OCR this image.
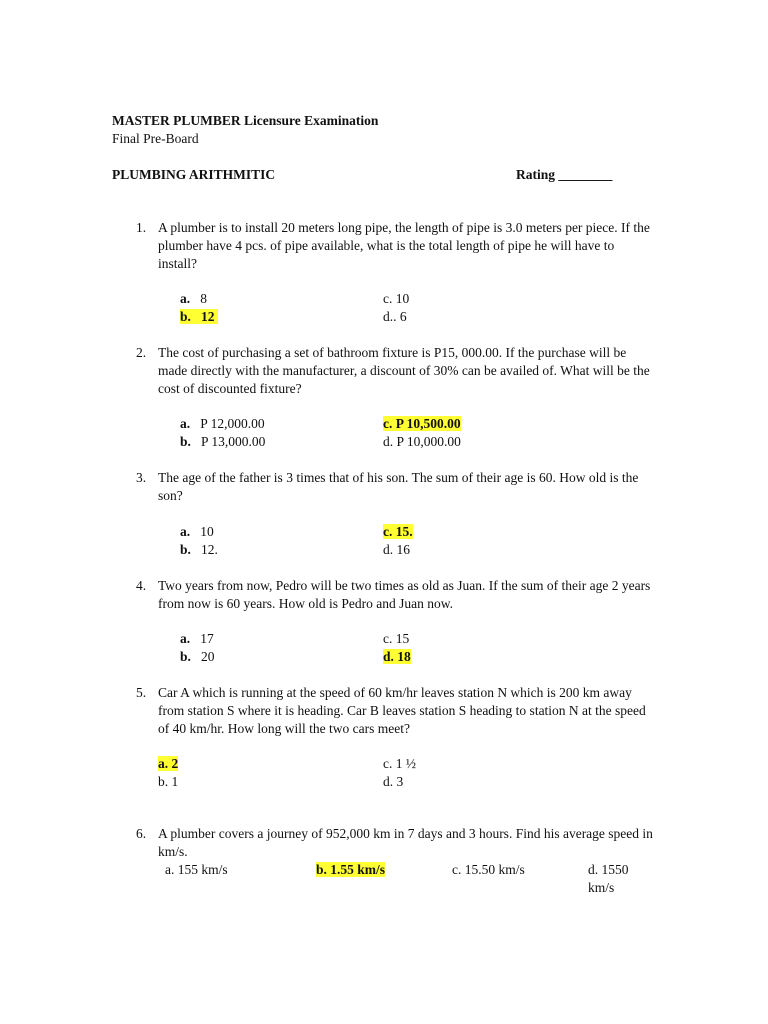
MASTER PLUMBER Licensure Examination
Final Pre-Board
PLUMBING ARITHMITIC	Rating ________
1. A plumber is to install 20 meters long pipe, the length of pipe is 3.0 meters per piece. If the
plumber have 4 pcs. of pipe available, what is the total length of pipe he will have to
install?
a. 8
b. 12
c. 10
d.. 6
2. The cost of purchasing a set of bathroom fixture is P15, 000.00. If the purchase will be
made directly with the manufacturer, a discount of 30% can be availed of. What will be the
cost of discounted fixture?
a. P 12,000.00
b. P 13,000.00
c. P 10,500.00
d. P 10,000.00
3. The age of the father is 3 times that of his son. The sum of their age is 60. How old is the
son?
a. 10
b. 12.
c. 15.
d. 16
4. Two years from now, Pedro will be two times as old as Juan. If the sum of their age 2 years
from now is 60 years. How old is Pedro and Juan now.
a. 17
b. 20
c. 15
d. 18
5. Car A which is running at the speed of 60 km/hr leaves station N which is 200 km away
from station S where it is heading. Car B leaves station S heading to station N at the speed
of 40 km/hr. How long will the two cars meet?
a. 2
b. 1
c. 1 ½
d. 3
6. A plumber covers a journey of 952,000 km in 7 days and 3 hours. Find his average speed in
km/s.
a. 155 km/s	b. 1.55 km/s	c. 15.50 km/s	d. 1550
km/s
